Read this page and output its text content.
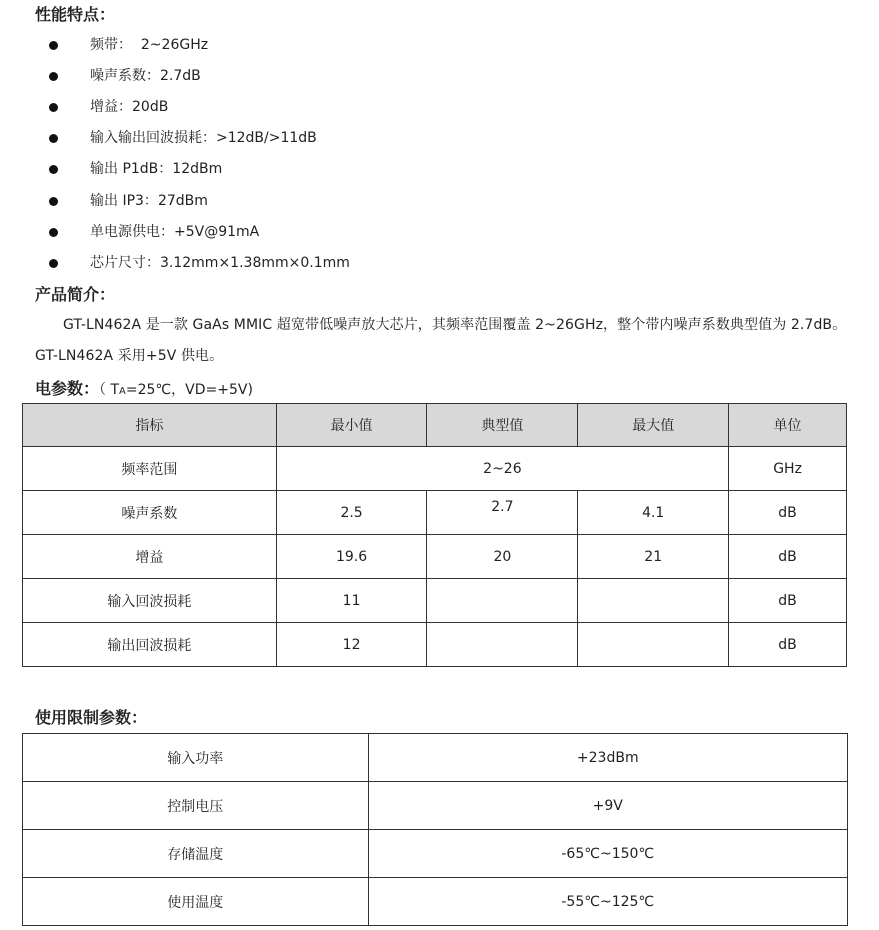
性能特点：
频带：  2~26GHz
噪声系数：2.7dB
增益：20dB
输入输出回波损耗：>12dB/>11dB
输出 P1dB：12dBm
输出 IP3：27dBm
单电源供电：+5V@91mA
芯片尺寸：3.12mm×1.38mm×0.1mm
产品简介：
GT-LN462A 是一款 GaAs MMIC 超宽带低噪声放大芯片，其频率范围覆盖 2~26GHz，整个带内噪声系数典型值为 2.7dB。GT-LN462A 采用+5V 供电。
电参数：（ TA=25℃，VD=+5V)
指标	最小值	典型值	最大值	单位
频率范围	2~26			GHz
噪声系数	2.5	2.7	4.1	dB
增益	19.6	20	21	dB
输入回波损耗	11			dB
输出回波损耗	12			dB
使用限制参数：
输入功率	+23dBm
控制电压	+9V
存储温度	-65℃~150℃
使用温度	-55℃~125℃
